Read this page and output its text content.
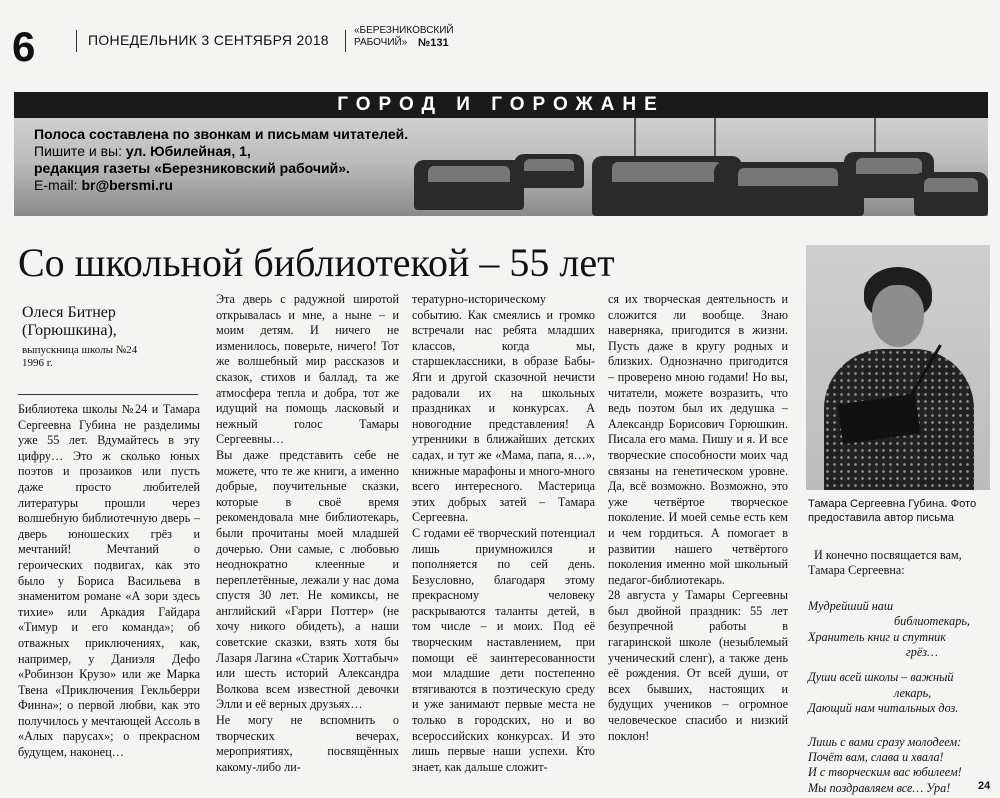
6	ПОНЕДЕЛЬНИК 3 СЕНТЯБРЯ 2018
«БЕРЕЗНИКОВСКИЙ
РАБОЧИЙ» №131
ГОРОД И ГОРОЖАНЕ
Полоса составлена по звонкам и письмам читателей.
Пишите и вы: ул. Юбилейная, 1,
редакция газеты «Березниковский рабочий».
E-mail: br@bersmi.ru
Со школьной библиотекой – 55 лет
Олеся Битнер
(Горюшкина),
выпускница школы №24
1996 г.

Библиотека школы №24 и Тамара Сергеевна Губина не разделимы уже 55 лет. Вдумайтесь в эту цифру… Это ж сколько юных поэтов и прозаиков или пусть даже просто любителей литературы прошли через волшебную библиотечную дверь – дверь юношеских грёз и мечтаний! Мечтаний о героических подвигах, как это было у Бориса Васильева в знаменитом романе «А зори здесь тихие» или Аркадия Гайдара «Тимур и его команда»; об отважных приключениях, как, например, у Даниэля Дефо «Робинзон Крузо» или же Марка Твена «Приключения Гекльберри Финна»; о первой любви, как это получилось у мечтающей Ассоль в «Алых парусах»; о прекрасном будущем, наконец…

Эта дверь с радужной широтой открывалась и мне, а ныне – и моим детям. И ничего не изменилось, поверьте, ничего! Тот же волшебный мир рассказов и сказок, стихов и баллад, та же атмосфера тепла и добра, тот же идущий на помощь ласковый и нежный голос Тамары Сергеевны…

Вы даже представить себе не можете, что те же книги, а именно добрые, поучительные сказки, которые в своё время рекомендовала мне библиотекарь, были прочитаны моей младшей дочерью. Они самые, с любовью неоднократно клеенные и переплетённые, лежали у нас дома спустя 30 лет. Не комиксы, не английский «Гарри Поттер» (не хочу никого обидеть), а наши советские сказки, взять хотя бы Лазаря Лагина «Старик Хоттабыч» или шесть историй Александра Волкова всем известной девочки Элли и её верных друзьях…

Не могу не вспомнить о творческих вечерах, мероприятиях, посвящённых какому-либо ли-

тературно-историческому событию. Как смеялись и громко встречали нас ребята младших классов, когда мы, старшеклассники, в образе Бабы-Яги и другой сказочной нечисти радовали их на школьных праздниках и конкурсах. А новогодние представления! А утренники в ближайших детских садах, и тут же «Мама, папа, я…», книжные марафоны и много-много всего интересного. Мастерица этих добрых затей – Тамара Сергеевна.

С годами её творческий потенциал лишь приумножился и пополняется по сей день. Безусловно, благодаря этому прекрасному человеку раскрываются таланты детей, в том числе – и моих. Под её творческим наставлением, при помощи её заинтересованности мои младшие дети постепенно втягиваются в поэтическую среду и уже занимают первые места не только в городских, но и во всероссийских конкурсах. И это лишь первые наши успехи. Кто знает, как дальше сложит-

ся их творческая деятельность и сложится ли вообще. Знаю наверняка, пригодится в жизни. Пусть даже в кругу родных и близких. Однозначно пригодится – проверено мною годами! Но вы, читатели, можете возразить, что ведь поэтом был их дедушка – Александр Борисович Горюшкин. Писала его мама. Пишу и я. И все творческие способности моих чад связаны на генетическом уровне. Да, всё возможно. Возможно, это уже четвёртое творческое поколение. И моей семье есть кем и чем гордиться. А помогает в развитии нашего четвёртого поколения именно мой школьный педагог-библиотекарь.

28 августа у Тамары Сергеевны был двойной праздник: 55 лет безупречной работы в гагаринской школе (незыблемый ученический сленг), а также день её рождения. От всей души, от всех бывших, настоящих и будущих учеников – огромное человеческое спасибо и низкий поклон!

Тамара Сергеевна Губина. Фото предоставила автор письма
И конечно посвящается вам,
Тамара Сергеевна:
Мудрейший наш
библиотекарь,
Хранитель книг и спутник
грёз…
Души всей школы – важный
лекарь,
Дающий нам читальных доз.
Лишь с вами сразу молодеем:
Почёт вам, слава и хвала!
И с творческим вас юбилеем!
Мы поздравляем все… Ура!	24
